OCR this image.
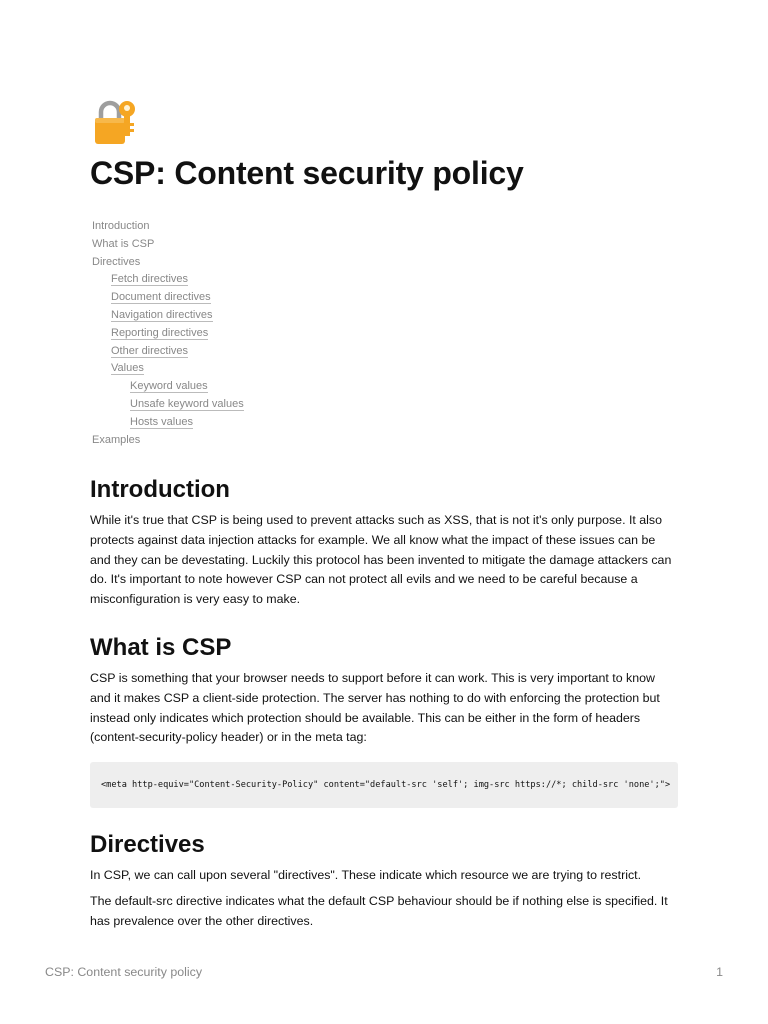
CSP: Content security policy
Introduction
What is CSP
Directives
Fetch directives
Document directives
Navigation directives
Reporting directives
Other directives
Values
Keyword values
Unsafe keyword values
Hosts values
Examples
Introduction

While it's true that CSP is being used to prevent attacks such as XSS, that is not it's only purpose. It also protects against data injection attacks for example. We all know what the impact of these issues can be and they can be devestating. Luckily this protocol has been invented to mitigate the damage attackers can do. It's important to note however CSP can not protect all evils and we need to be careful because a misconfiguration is very easy to make.

What is CSP

CSP is something that your browser needs to support before it can work. This is very important to know and it makes CSP a client-side protection. The server has nothing to do with enforcing the protection but instead only indicates which protection should be available. This can be either in the form of headers (content-security-policy header) or in the meta tag:

<meta http-equiv="Content-Security-Policy" content="default-src 'self'; img-src https://*; child-src 'none';">
Directives

In CSP, we can call upon several "directives". These indicate which resource we are trying to restrict.

The default-src directive indicates what the default CSP behaviour should be if nothing else is specified. It has prevalence over the other directives.

CSP: Content security policy	1
